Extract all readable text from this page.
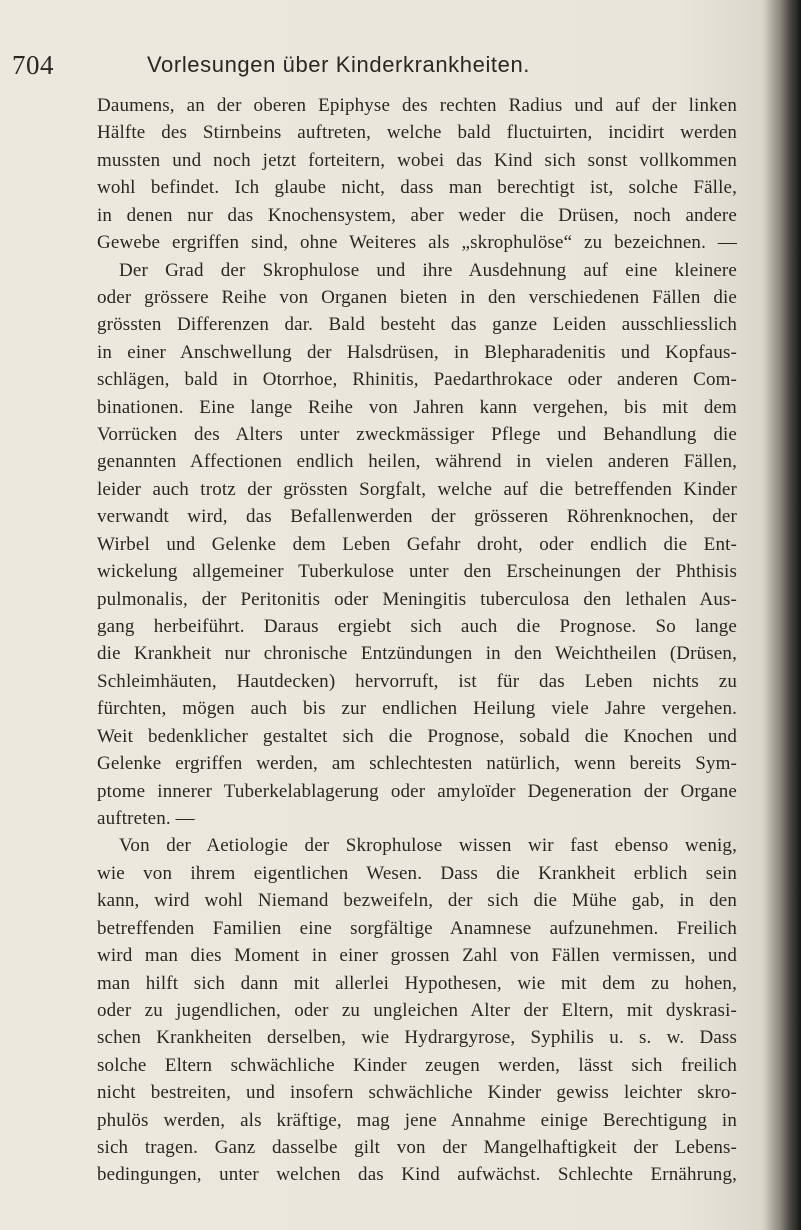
704	Vorlesungen über Kinderkrankheiten.
Daumens, an der oberen Epiphyse des rechten Radius und auf der linken
Hälfte des Stirnbeins auftreten, welche bald fluctuirten, incidirt werden
mussten und noch jetzt forteitern, wobei das Kind sich sonst vollkommen
wohl befindet. Ich glaube nicht, dass man berechtigt ist, solche Fälle,
in denen nur das Knochensystem, aber weder die Drüsen, noch andere
Gewebe ergriffen sind, ohne Weiteres als „skrophulöse“ zu bezeichnen. —
Der Grad der Skrophulose und ihre Ausdehnung auf eine kleinere
oder grössere Reihe von Organen bieten in den verschiedenen Fällen die
grössten Differenzen dar. Bald besteht das ganze Leiden ausschliesslich
in einer Anschwellung der Halsdrüsen, in Blepharadenitis und Kopfaus-
schlägen, bald in Otorrhoe, Rhinitis, Paedarthrokace oder anderen Com-
binationen. Eine lange Reihe von Jahren kann vergehen, bis mit dem
Vorrücken des Alters unter zweckmässiger Pflege und Behandlung die
genannten Affectionen endlich heilen, während in vielen anderen Fällen,
leider auch trotz der grössten Sorgfalt, welche auf die betreffenden Kinder
verwandt wird, das Befallenwerden der grösseren Röhrenknochen, der
Wirbel und Gelenke dem Leben Gefahr droht, oder endlich die Ent-
wickelung allgemeiner Tuberkulose unter den Erscheinungen der Phthisis
pulmonalis, der Peritonitis oder Meningitis tuberculosa den lethalen Aus-
gang herbeiführt. Daraus ergiebt sich auch die Prognose. So lange
die Krankheit nur chronische Entzündungen in den Weichtheilen (Drüsen,
Schleimhäuten, Hautdecken) hervorruft, ist für das Leben nichts zu
fürchten, mögen auch bis zur endlichen Heilung viele Jahre vergehen.
Weit bedenklicher gestaltet sich die Prognose, sobald die Knochen und
Gelenke ergriffen werden, am schlechtesten natürlich, wenn bereits Sym-
ptome innerer Tuberkelablagerung oder amyloïder Degeneration der Organe
auftreten. —
Von der Aetiologie der Skrophulose wissen wir fast ebenso wenig,
wie von ihrem eigentlichen Wesen. Dass die Krankheit erblich sein
kann, wird wohl Niemand bezweifeln, der sich die Mühe gab, in den
betreffenden Familien eine sorgfältige Anamnese aufzunehmen. Freilich
wird man dies Moment in einer grossen Zahl von Fällen vermissen, und
man hilft sich dann mit allerlei Hypothesen, wie mit dem zu hohen,
oder zu jugendlichen, oder zu ungleichen Alter der Eltern, mit dyskrasi-
schen Krankheiten derselben, wie Hydrargyrose, Syphilis u. s. w. Dass
solche Eltern schwächliche Kinder zeugen werden, lässt sich freilich
nicht bestreiten, und insofern schwächliche Kinder gewiss leichter skro-
phulös werden, als kräftige, mag jene Annahme einige Berechtigung in
sich tragen. Ganz dasselbe gilt von der Mangelhaftigkeit der Lebens-
bedingungen, unter welchen das Kind aufwächst. Schlechte Ernährung,
